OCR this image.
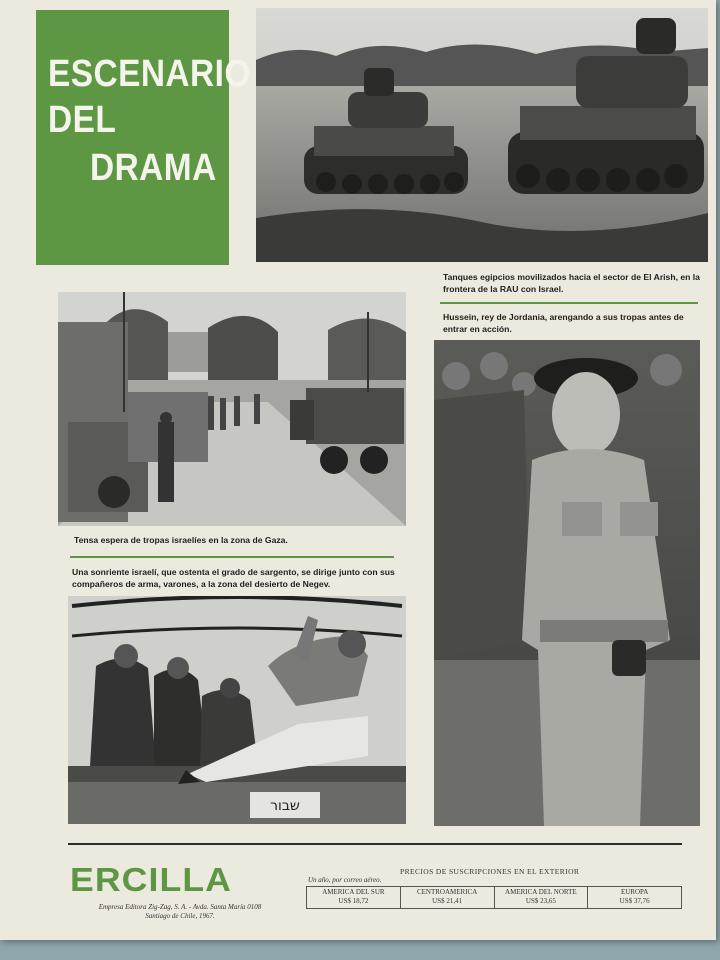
ESCENARIO
DEL
DRAMA
Tanques egipcios movilizados hacia el sector de El Arish, en la frontera de la RAU con Israel.
Hussein, rey de Jordania, arengando a sus tropas antes de entrar en acción.
Tensa espera de tropas israelíes en la zona de Gaza.
Una sonriente israelí, que ostenta el grado de sargento, se dirige junto con sus compañeros de arma, varones, a la zona del desierto de Negev.
שבור
ERCILLA
Empresa Editora Zig-Zag, S. A. - Avda. Santa María 0108
Santiago de Chile, 1967.
PRECIOS DE SUSCRIPCIONES EN EL EXTERIOR
Un año, por correo aéreo.
AMERICA DEL SUR
US$ 18,72
CENTROAMERICA
US$ 21,41
AMERICA DEL NORTE
US$ 23,65
EUROPA
US$ 37,76
